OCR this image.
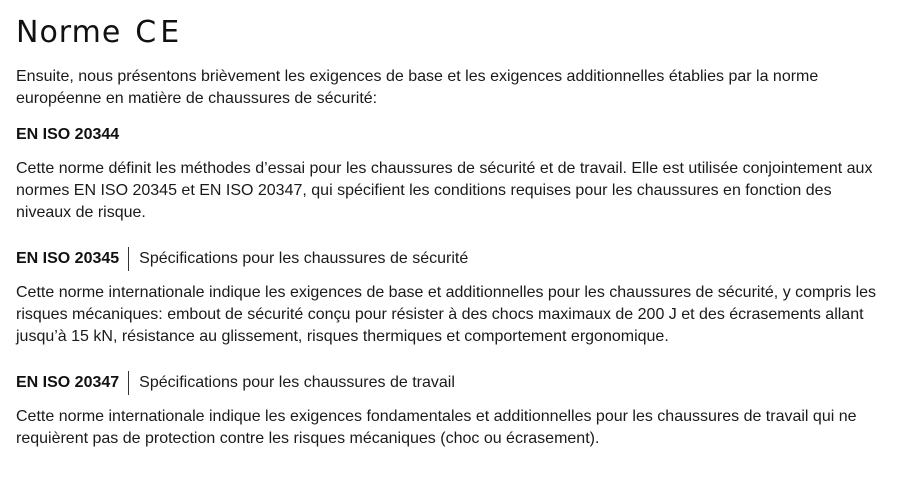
Norme CE

Ensuite, nous présentons brièvement les exigences de base et les exigences additionnelles établies par la norme européenne en matière de chaussures de sécurité:

EN ISO 20344

Cette norme définit les méthodes d’essai pour les chaussures de sécurité et de travail. Elle est utilisée conjointement aux normes EN ISO 20345 et EN ISO 20347, qui spécifient les conditions requises pour les chaussures en fonction des niveaux de risque.

EN ISO 20345 Spécifications pour les chaussures de sécurité

Cette norme internationale indique les exigences de base et additionnelles pour les chaussures de sécurité, y compris les risques mécaniques: embout de sécurité conçu pour résister à des chocs maximaux de 200 J et des écrasements allant jusqu’à 15 kN, résistance au glissement, risques thermiques et comportement ergonomique.

EN ISO 20347 Spécifications pour les chaussures de travail

Cette norme internationale indique les exigences fondamentales et additionnelles pour les chaussures de travail qui ne requièrent pas de protection contre les risques mécaniques (choc ou écrasement).
